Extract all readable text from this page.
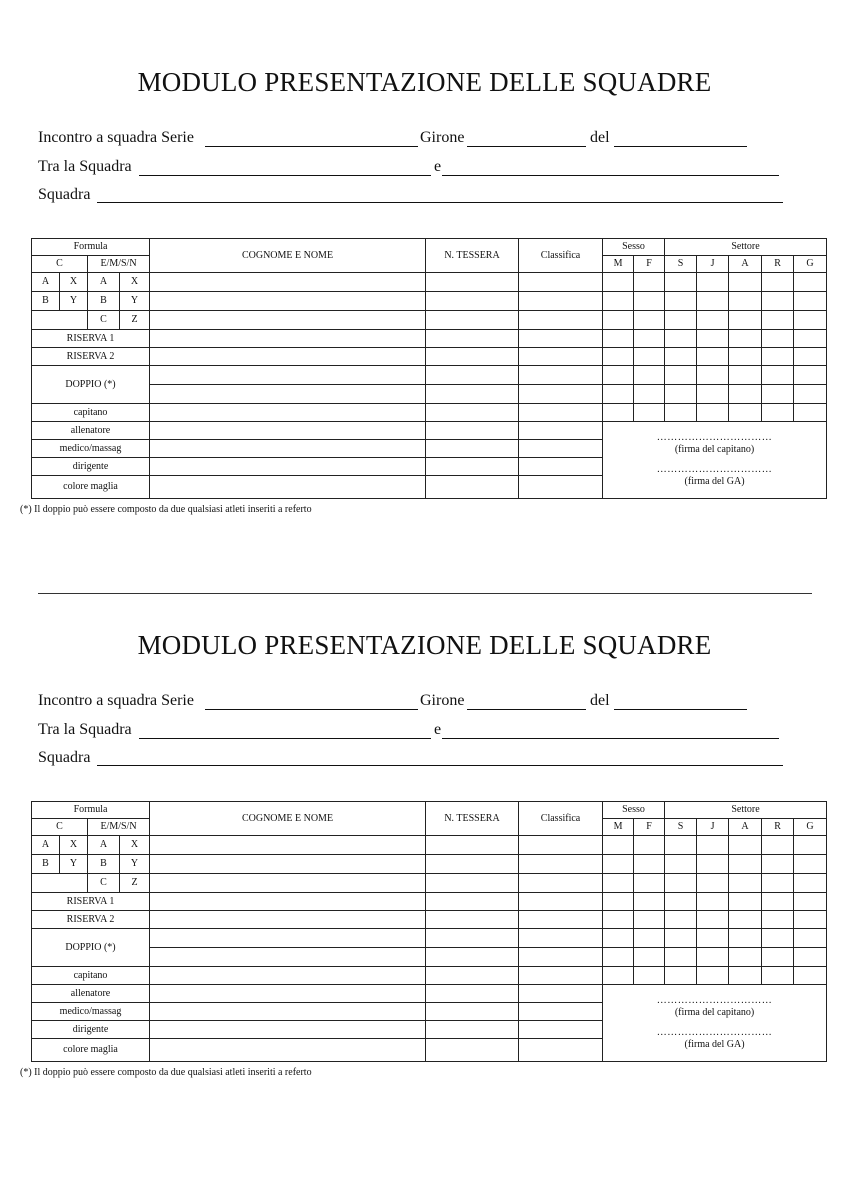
MODULO PRESENTAZIONE DELLE SQUADRE
Incontro a squadra Serie	Girone	del
Tra la Squadra	e
Squadra
Formula				COGNOME E NOME	N. TESSERA	Classifica	Sesso		Settore				
C		E/M/S/N					M	F	S	J	A	R	G
A	X	A	X										
B	Y	B	Y										
		C	Z										
RISERVA 1													
RISERVA 2													
DOPPIO (*)													

capitano													
allenatore							……………………………
(firma del capitano)
……………………………
(firma del GA)						

medico/massag													
dirigente													
colore maglia													
(*) Il doppio può essere composto da due qualsiasi atleti inseriti a referto
MODULO PRESENTAZIONE DELLE SQUADRE
Incontro a squadra Serie	Girone	del
Tra la Squadra	e
Squadra
Formula				COGNOME E NOME	N. TESSERA	Classifica	Sesso		Settore				
C		E/M/S/N					M	F	S	J	A	R	G
A	X	A	X										
B	Y	B	Y										
		C	Z										
RISERVA 1													
RISERVA 2													
DOPPIO (*)													

capitano													
allenatore							……………………………
(firma del capitano)
……………………………
(firma del GA)						

medico/massag													
dirigente													
colore maglia													
(*) Il doppio può essere composto da due qualsiasi atleti inseriti a referto
